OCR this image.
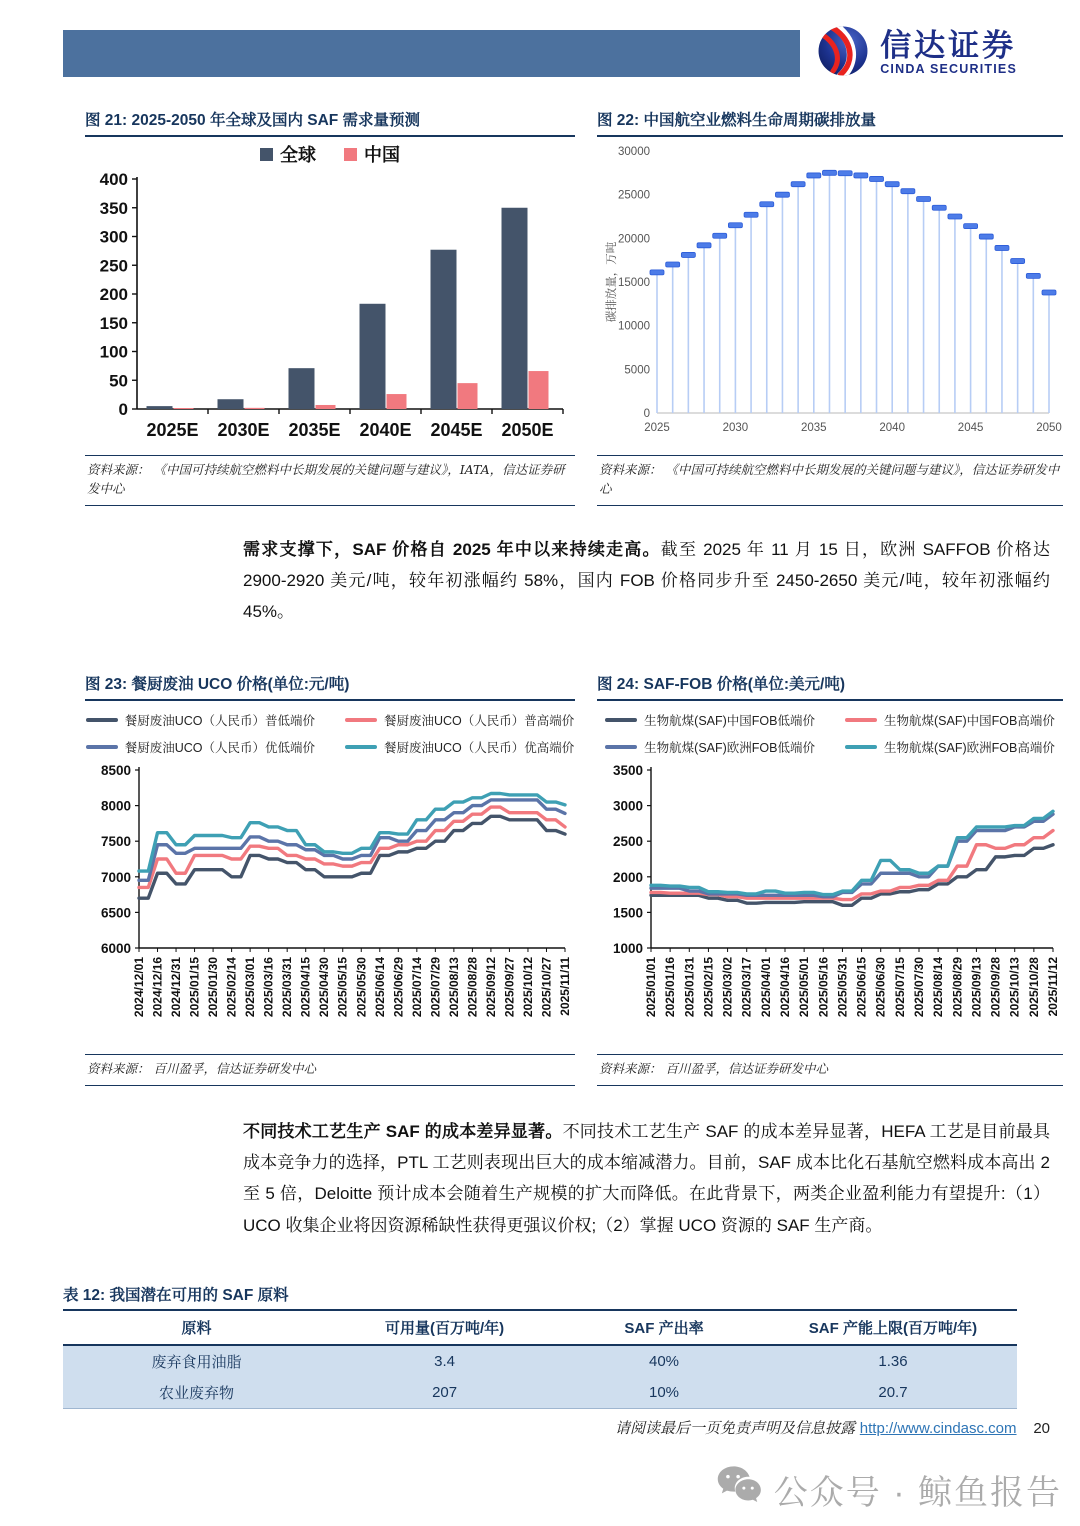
信达证券
CINDA SECURITIES
图 21: 2025-2050 年全球及国内 SAF 需求量预测
全球	中国
0
50
100
150
200
250
300
350
400
2025E 2030E 2035E 2040E 2045E 2050E
资料来源： 《中国可持续航空燃料中长期发展的关键问题与建议》，IATA，信达证券研发中心
图 22: 中国航空业燃料生命周期碳排放量
0
5000
10000
15000
20000
25000
30000
碳排放量，万吨
2025	2030	2035	2040	2045	2050
资料来源： 《中国可持续航空燃料中长期发展的关键问题与建议》，信达证券研发中心

需求支撑下，SAF 价格自 2025 年中以来持续走高。截至 2025 年 11 月 15 日，欧洲 SAFFOB 价格达 2900-2920 美元/吨，较年初涨幅约 58%，国内 FOB 价格同步升至 2450-2650 美元/吨，较年初涨幅约 45%。

图 23: 餐厨废油 UCO 价格(单位:元/吨)
餐厨废油UCO（人民币）普低端价	餐厨废油UCO（人民币）普高端价
餐厨废油UCO（人民币）优低端价	餐厨废油UCO（人民币）优高端价
6000
6500
7000
7500
8000
8500
2024/12/01 2024/12/16 2024/12/31 2025/01/15 2025/01/30 2025/02/14 2025/03/01 2025/03/16 2025/03/31 2025/04/15 2025/04/30 2025/05/15 2025/05/30 2025/06/14 2025/06/29 2025/07/14 2025/07/29 2025/08/13 2025/08/28 2025/09/12 2025/09/27 2025/10/12 2025/10/27 2025/11/11
资料来源： 百川盈孚，信达证券研发中心
图 24: SAF-FOB 价格(单位:美元/吨)
生物航煤(SAF)中国FOB低端价	生物航煤(SAF)中国FOB高端价
生物航煤(SAF)欧洲FOB低端价	生物航煤(SAF)欧洲FOB高端价
1000
1500
2000
2500
3000
3500
2025/01/01 2025/01/16 2025/01/31 2025/02/15 2025/03/02 2025/03/17 2025/04/01 2025/04/16 2025/05/01 2025/05/16 2025/05/31 2025/06/15 2025/06/30 2025/07/15 2025/07/30 2025/08/14 2025/08/29 2025/09/13 2025/09/28 2025/10/13 2025/10/28 2025/11/12
资料来源： 百川盈孚，信达证券研发中心

不同技术工艺生产 SAF 的成本差异显著。不同技术工艺生产 SAF 的成本差异显著，HEFA 工艺是目前最具成本竞争力的选择，PTL 工艺则表现出巨大的成本缩减潜力。目前，SAF 成本比化石基航空燃料成本高出 2 至 5 倍，Deloitte 预计成本会随着生产规模的扩大而降低。在此背景下，两类企业盈利能力有望提升:（1）UCO 收集企业将因资源稀缺性获得更强议价权;（2）掌握 UCO 资源的 SAF 生产商。

表 12: 我国潜在可用的 SAF 原料
原料	可用量(百万吨/年)	SAF 产出率	SAF 产能上限(百万吨/年)
废弃食用油脂	3.4	40%	1.36
农业废弃物	207	10%	20.7
请阅读最后一页免责声明及信息披露 http://www.cindasc.com 20
公众号 · 鲸鱼报告
